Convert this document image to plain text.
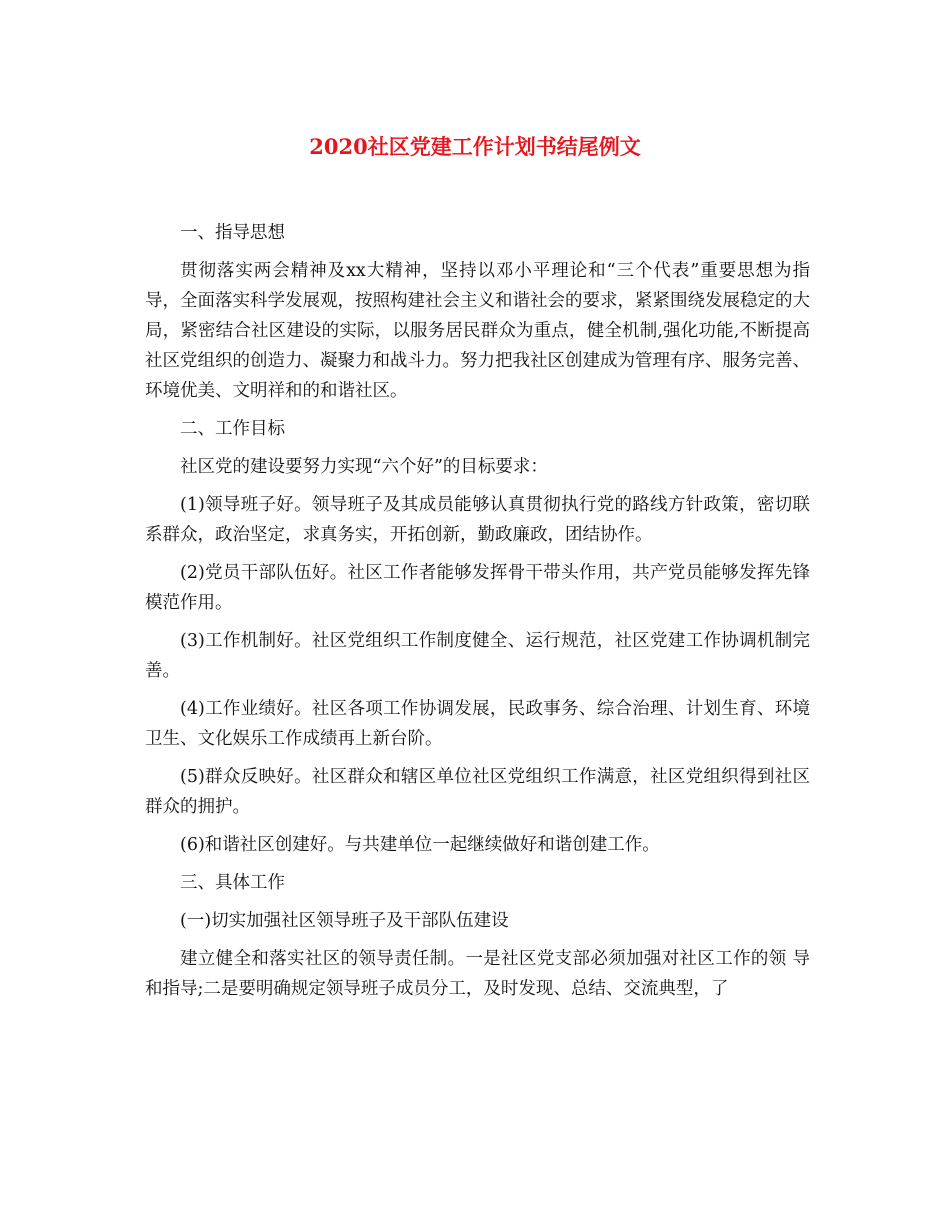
2020社区党建工作计划书结尾例文

一、指导思想

贯彻落实两会精神及xx大精神，坚持以邓小平理论和“三个代表”重要思想为指导，全面落实科学发展观，按照构建社会主义和谐社会的要求，紧紧围绕发展稳定的大局，紧密结合社区建设的实际，以服务居民群众为重点，健全机制,强化功能,不断提高社区党组织的创造力、凝聚力和战斗力。努力把我社区创建成为管理有序、服务完善、环境优美、文明祥和的和谐社区。

二、工作目标

社区党的建设要努力实现“六个好”的目标要求：

(1)领导班子好。领导班子及其成员能够认真贯彻执行党的路线方针政策，密切联系群众，政治坚定，求真务实，开拓创新，勤政廉政，团结协作。

(2)党员干部队伍好。社区工作者能够发挥骨干带头作用，共产党员能够发挥先锋模范作用。

(3)工作机制好。社区党组织工作制度健全、运行规范，社区党建工作协调机制完善。

(4)工作业绩好。社区各项工作协调发展，民政事务、综合治理、计划生育、环境卫生、文化娱乐工作成绩再上新台阶。

(5)群众反映好。社区群众和辖区单位社区党组织工作满意，社区党组织得到社区群众的拥护。

(6)和谐社区创建好。与共建单位一起继续做好和谐创建工作。

三、具体工作

(一)切实加强社区领导班子及干部队伍建设

建立健全和落实社区的领导责任制。一是社区党支部必须加强对社区工作的领 导和指导;二是要明确规定领导班子成员分工，及时发现、总结、交流典型，了
